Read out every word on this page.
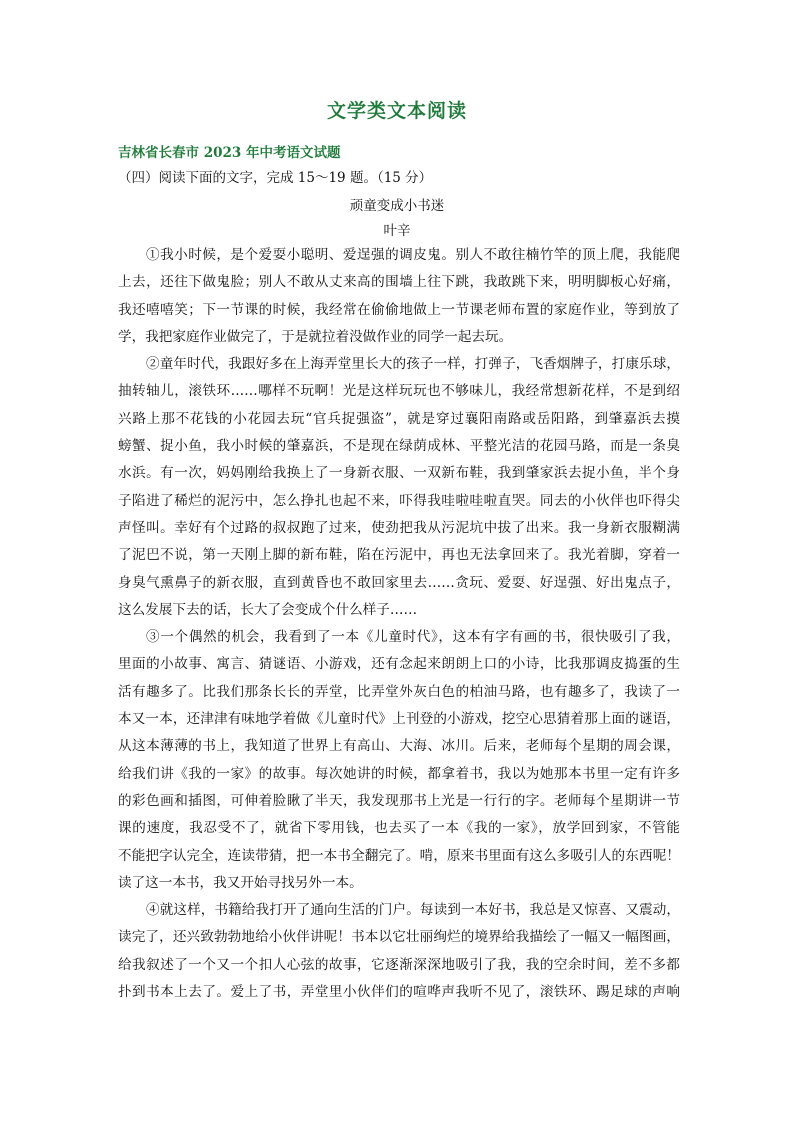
文学类文本阅读
吉林省长春市 2023 年中考语文试题
（四）阅读下面的文字，完成 15～19 题。（15 分）
顽童变成小书迷
叶辛
①我小时候，是个爱耍小聪明、爱逞强的调皮鬼。别人不敢往楠竹竿的顶上爬，我能爬
上去，还往下做鬼脸；别人不敢从丈来高的围墙上往下跳，我敢跳下来，明明脚板心好痛，
我还嘻嘻笑；下一节课的时候，我经常在偷偷地做上一节课老师布置的家庭作业，等到放了
学，我把家庭作业做完了，于是就拉着没做作业的同学一起去玩。
②童年时代，我跟好多在上海弄堂里长大的孩子一样，打弹子，飞香烟牌子，打康乐球，
抽转轴儿，滚铁环……哪样不玩啊！光是这样玩玩也不够味儿，我经常想新花样，不是到绍
兴路上那不花钱的小花园去玩“官兵捉强盗”，就是穿过襄阳南路或岳阳路，到肇嘉浜去摸
螃蟹、捉小鱼，我小时候的肇嘉浜，不是现在绿荫成林、平整光洁的花园马路，而是一条臭
水浜。有一次，妈妈刚给我换上了一身新衣服、一双新布鞋，我到肇家浜去捉小鱼，半个身
子陷进了稀烂的泥污中，怎么挣扎也起不来，吓得我哇啦哇啦直哭。同去的小伙伴也吓得尖
声怪叫。幸好有个过路的叔叔跑了过来，使劲把我从污泥坑中拔了出来。我一身新衣服糊满
了泥巴不说，第一天刚上脚的新布鞋，陷在污泥中，再也无法拿回来了。我光着脚，穿着一
身臭气熏鼻子的新衣服，直到黄昏也不敢回家里去……贪玩、爱耍、好逞强、好出鬼点子，
这么发展下去的话，长大了会变成个什么样子……
③一个偶然的机会，我看到了一本《儿童时代》，这本有字有画的书，很快吸引了我，
里面的小故事、寓言、猜谜语、小游戏，还有念起来朗朗上口的小诗，比我那调皮捣蛋的生
活有趣多了。比我们那条长长的弄堂，比弄堂外灰白色的柏油马路，也有趣多了，我读了一
本又一本，还津津有味地学着做《儿童时代》上刊登的小游戏，挖空心思猜着那上面的谜语，
从这本薄薄的书上，我知道了世界上有高山、大海、冰川。后来，老师每个星期的周会课，
给我们讲《我的一家》的故事。每次她讲的时候，都拿着书，我以为她那本书里一定有许多
的彩色画和插图，可伸着脸瞅了半天，我发现那书上光是一行行的字。老师每个星期讲一节
课的速度，我忍受不了，就省下零用钱，也去买了一本《我的一家》，放学回到家，不管能
不能把字认完全，连读带猜，把一本书全翻完了。啃，原来书里面有这么多吸引人的东西呢！
读了这一本书，我又开始寻找另外一本。
④就这样，书籍给我打开了通向生活的门户。每读到一本好书，我总是又惊喜、又震动，
读完了，还兴致勃勃地给小伙伴讲呢！书本以它壮丽绚烂的境界给我描绘了一幅又一幅图画，
给我叙述了一个又一个扣人心弦的故事，它逐渐深深地吸引了我，我的空余时间，差不多都
扑到书本上去了。爱上了书，弄堂里小伙伴们的喧哗声我听不见了，滚铁环、踢足球的声响
